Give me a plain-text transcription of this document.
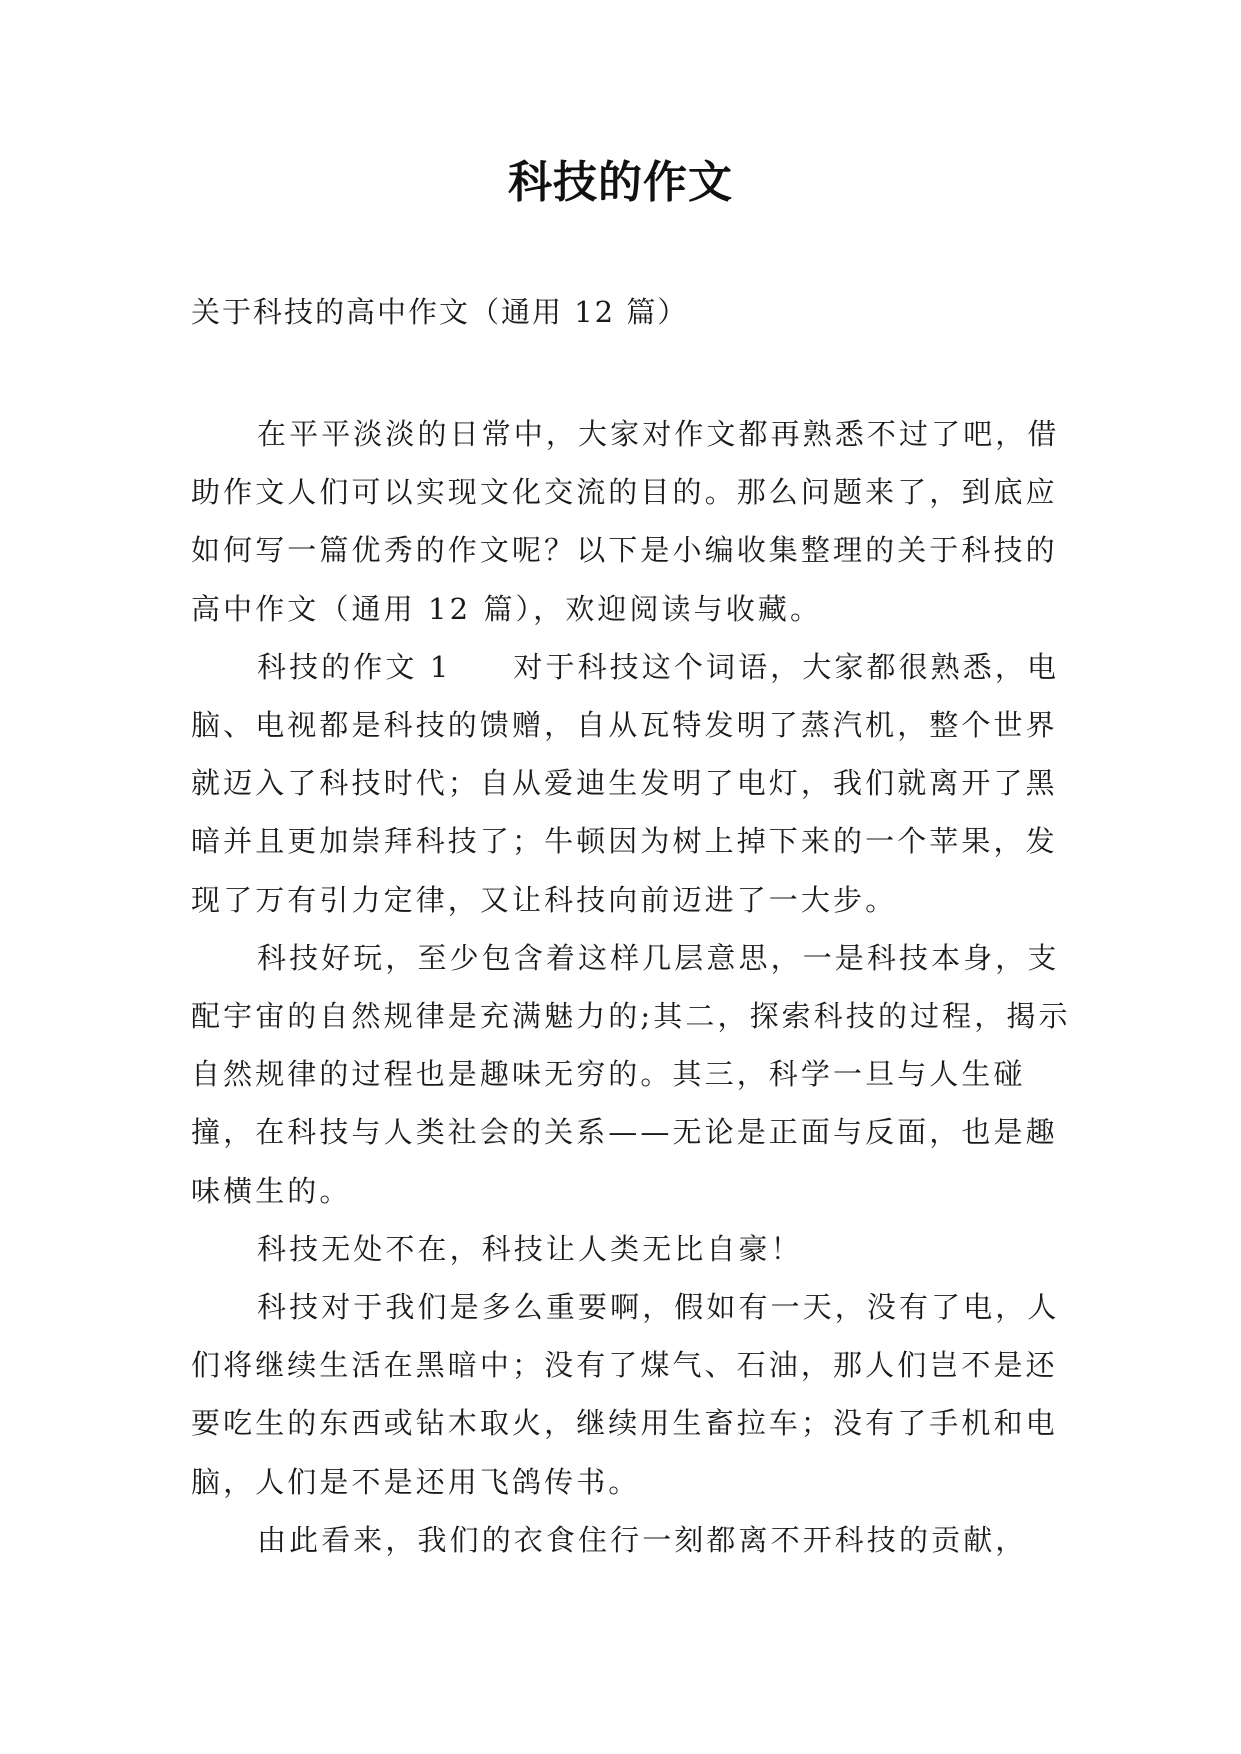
科技的作文
关于科技的高中作文（通用 12 篇）

在平平淡淡的日常中，大家对作文都再熟悉不过了吧，借助作文人们可以实现文化交流的目的。那么问题来了，到底应如何写一篇优秀的作文呢？以下是小编收集整理的关于科技的高中作文（通用 12 篇），欢迎阅读与收藏。

科技的作文 1 对于科技这个词语，大家都很熟悉，电脑、电视都是科技的馈赠，自从瓦特发明了蒸汽机，整个世界就迈入了科技时代；自从爱迪生发明了电灯，我们就离开了黑暗并且更加崇拜科技了；牛顿因为树上掉下来的一个苹果，发现了万有引力定律，又让科技向前迈进了一大步。

科技好玩，至少包含着这样几层意思，一是科技本身，支配宇宙的自然规律是充满魅力的;其二，探索科技的过程，揭示自然规律的过程也是趣味无穷的。其三，科学一旦与人生碰撞，在科技与人类社会的关系——无论是正面与反面，也是趣味横生的。

科技无处不在，科技让人类无比自豪！

科技对于我们是多么重要啊，假如有一天，没有了电，人们将继续生活在黑暗中；没有了煤气、石油，那人们岂不是还要吃生的东西或钻木取火，继续用生畜拉车；没有了手机和电脑，人们是不是还用飞鸽传书。

由此看来，我们的衣食住行一刻都离不开科技的贡献，
